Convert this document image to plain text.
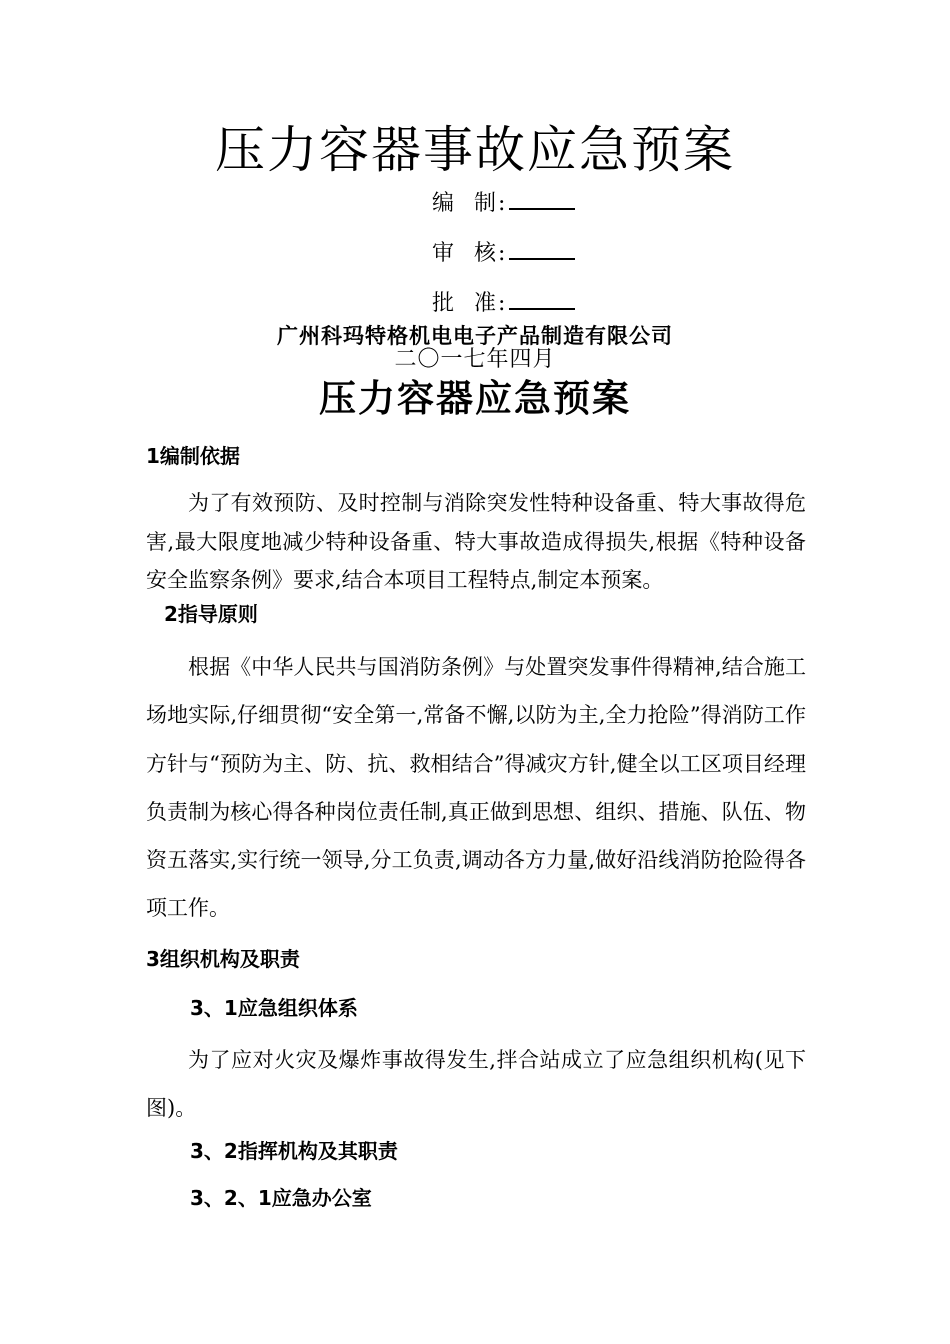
压力容器事故应急预案
编  制:
审  核:
批  准:
广州科玛特格机电电子产品制造有限公司
二〇一七年四月
压力容器应急预案
1编制依据

为了有效预防、及时控制与消除突发性特种设备重、特大事故得危害,最大限度地减少特种设备重、特大事故造成得损失,根据《特种设备安全监察条例》要求,结合本项目工程特点,制定本预案。

2指导原则

根据《中华人民共与国消防条例》与处置突发事件得精神,结合施工场地实际,仔细贯彻“安全第一,常备不懈,以防为主,全力抢险”得消防工作方针与“预防为主、防、抗、救相结合”得减灾方针,健全以工区项目经理负责制为核心得各种岗位责任制,真正做到思想、组织、措施、队伍、物资五落实,实行统一领导,分工负责,调动各方力量,做好沿线消防抢险得各项工作。

3组织机构及职责
3、1应急组织体系

为了应对火灾及爆炸事故得发生,拌合站成立了应急组织机构(见下图)。

3、2指挥机构及其职责
3、2、1应急办公室
